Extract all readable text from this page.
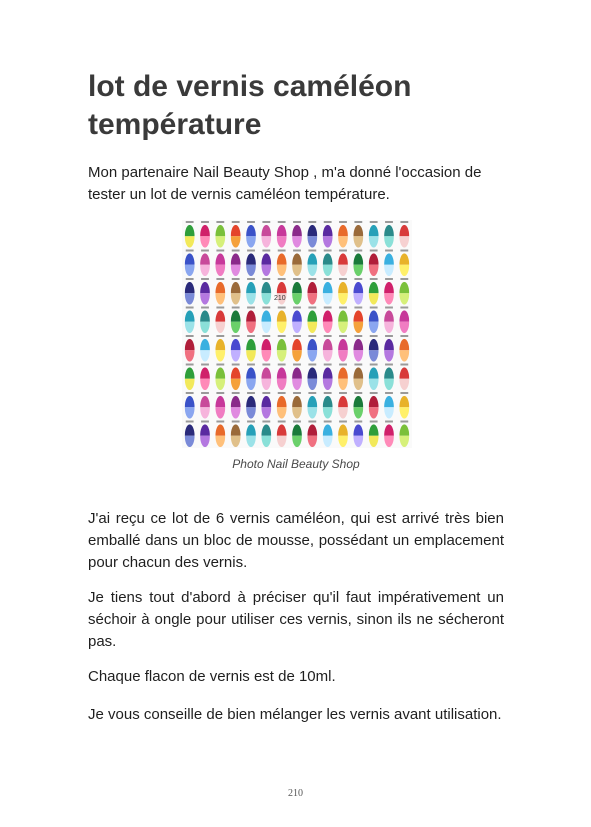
lot de vernis caméléon température

Mon partenaire Nail Beauty Shop , m'a donné l'occasion de tester un lot de vernis caméléon température.

210
Photo Nail Beauty Shop

J'ai reçu ce lot de 6 vernis caméléon, qui est arrivé très bien emballé dans un bloc de mousse, possédant un emplacement pour chacun des vernis.

Je tiens tout d'abord à préciser qu'il faut impérativement un séchoir à ongle pour utiliser ces vernis, sinon ils ne sécheront pas.

Chaque flacon de vernis est de 10ml.

Je vous conseille de bien mélanger les vernis avant utilisation.

210
